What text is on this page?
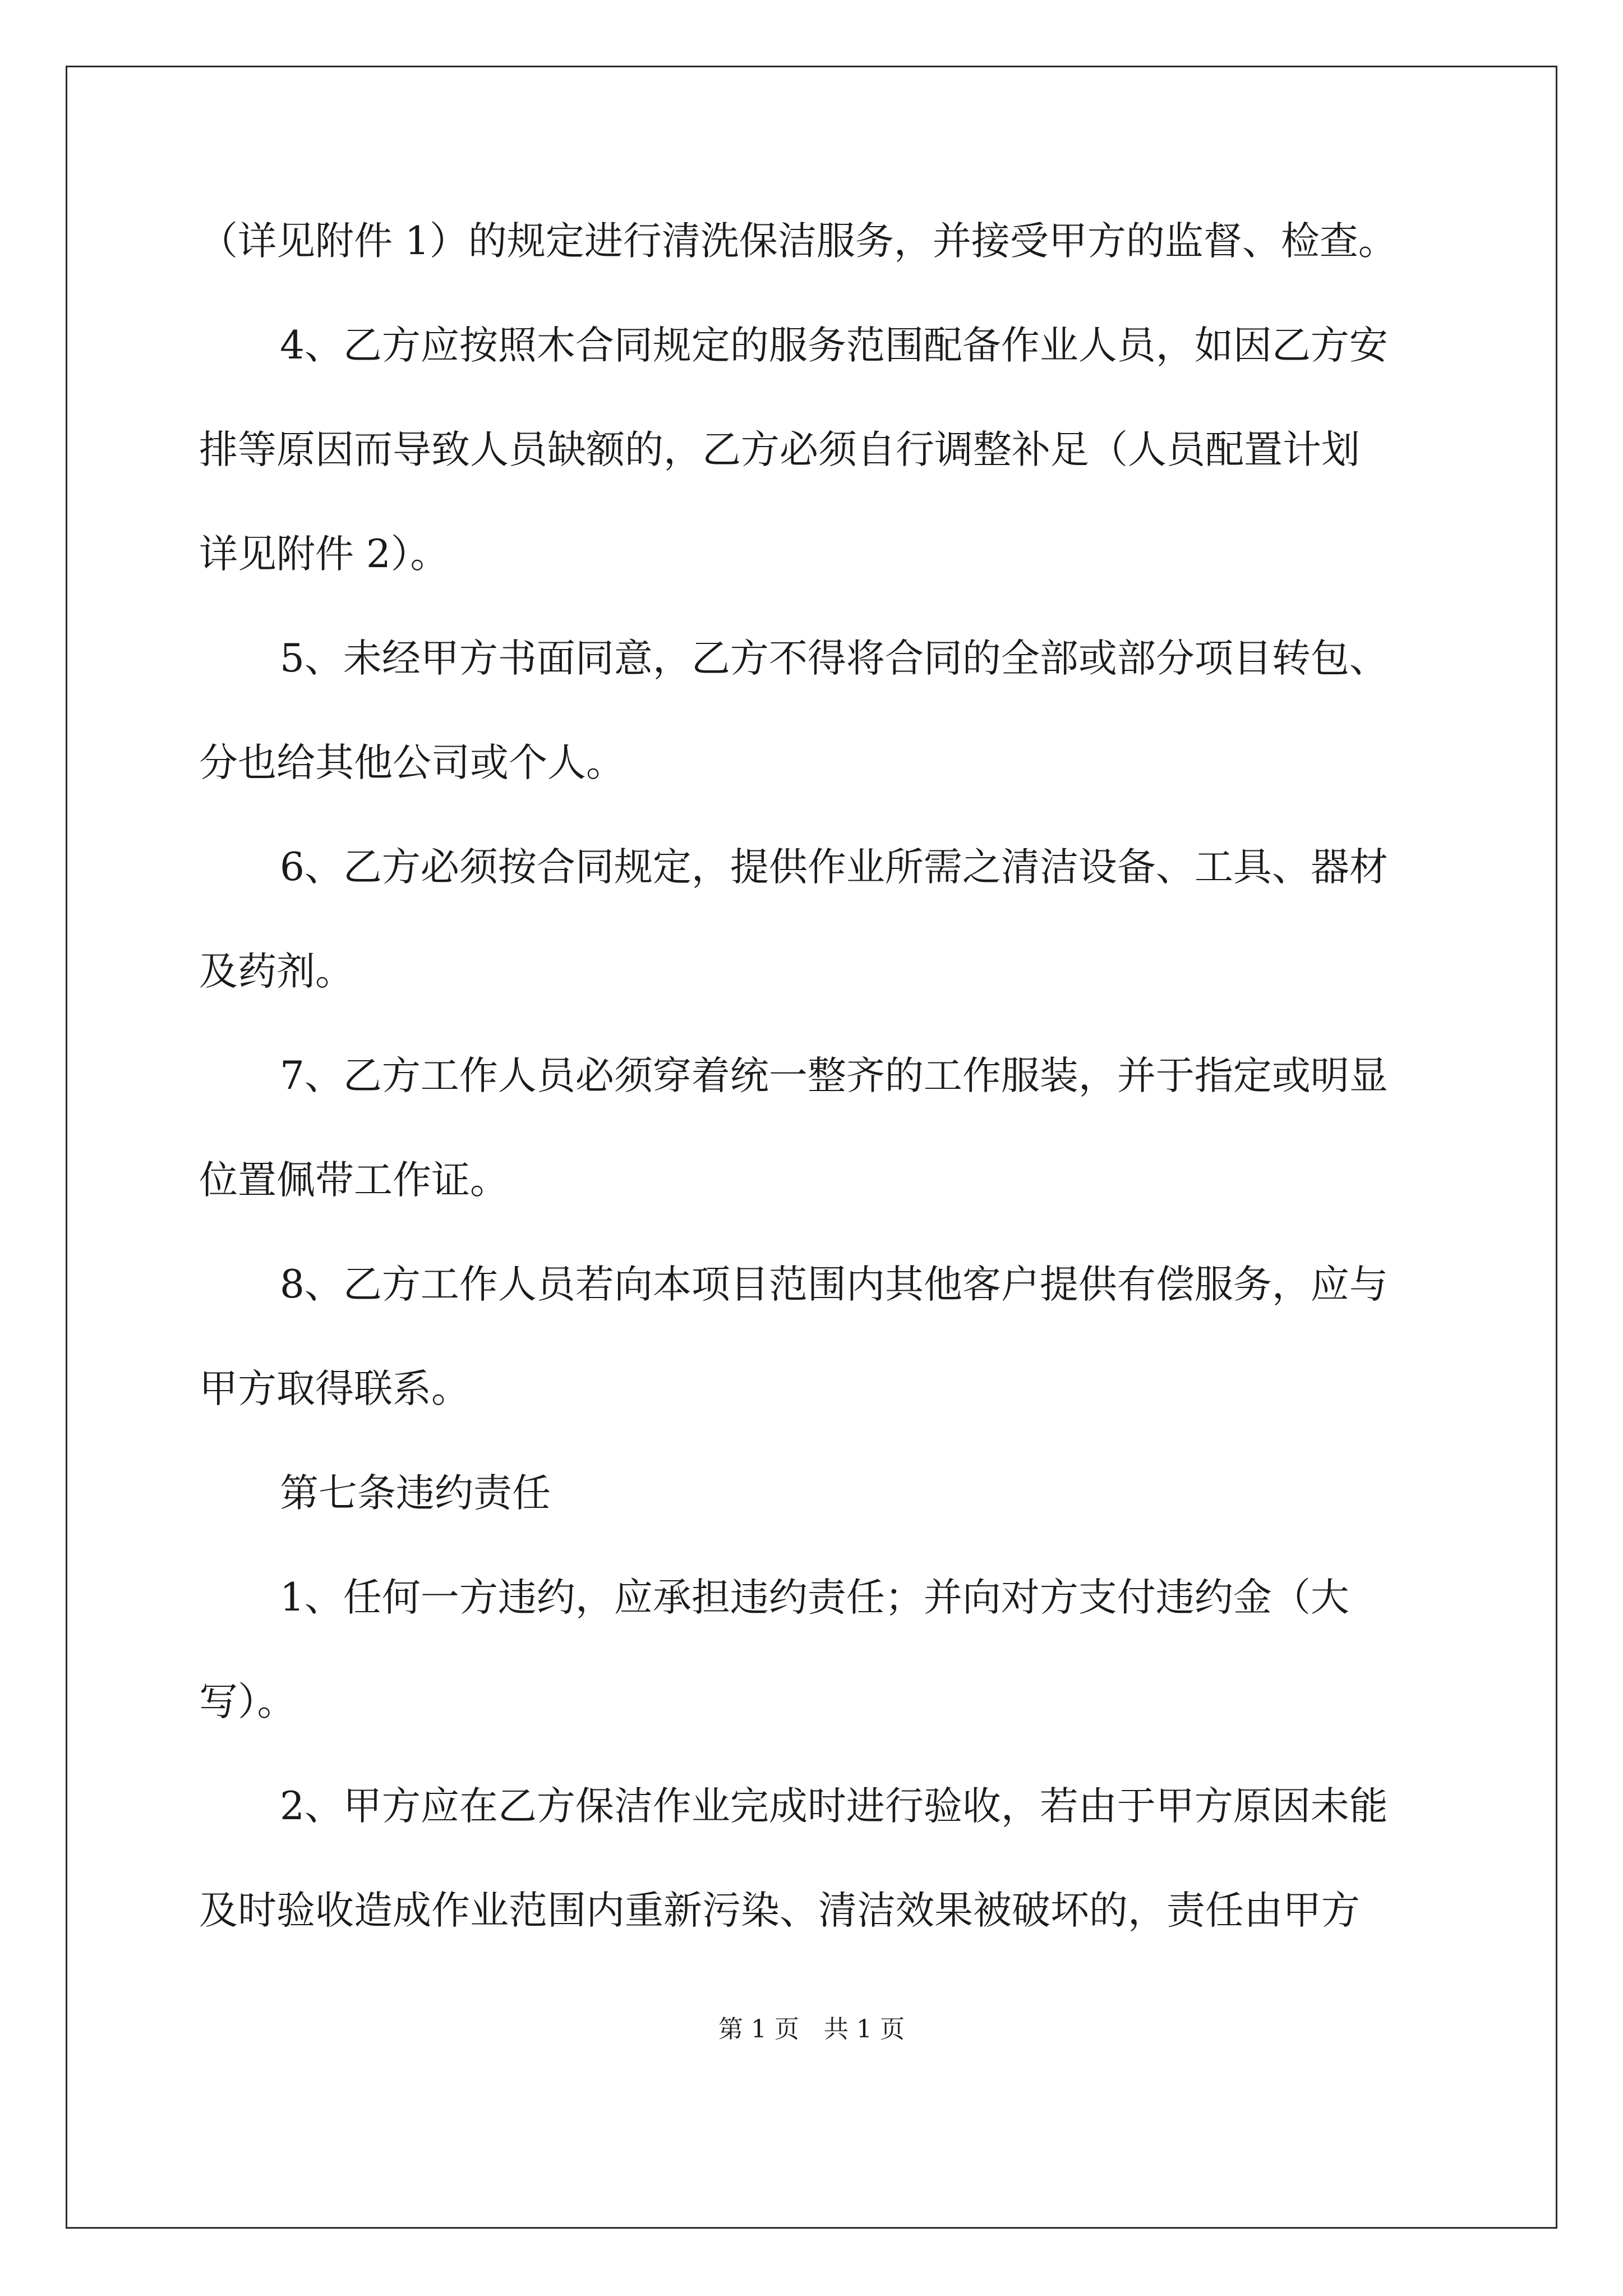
（详见附件 1）的规定进行清洗保洁服务，并接受甲方的监督、检查。
4、乙方应按照木合同规定的服务范围配备作业人员，如因乙方安
排等原因而导致人员缺额的，乙方必须自行调整补足（人员配置计划
详见附件 2）。
5、未经甲方书面同意，乙方不得将合同的全部或部分项目转包、
分也给其他公司或个人。
6、乙方必须按合同规定，提供作业所需之清洁设备、工具、器材
及药剂。
7、乙方工作人员必须穿着统一整齐的工作服装，并于指定或明显
位置佩带工作证。
8、乙方工作人员若向本项目范围内其他客户提供有偿服务，应与
甲方取得联系。
第七条违约责任
1、任何一方违约，应承担违约责任；并向对方支付违约金（大
写）。
2、甲方应在乙方保洁作业完成时进行验收，若由于甲方原因未能
及时验收造成作业范围内重新污染、清洁效果被破坏的，责任由甲方
第 1 页　共 1 页
